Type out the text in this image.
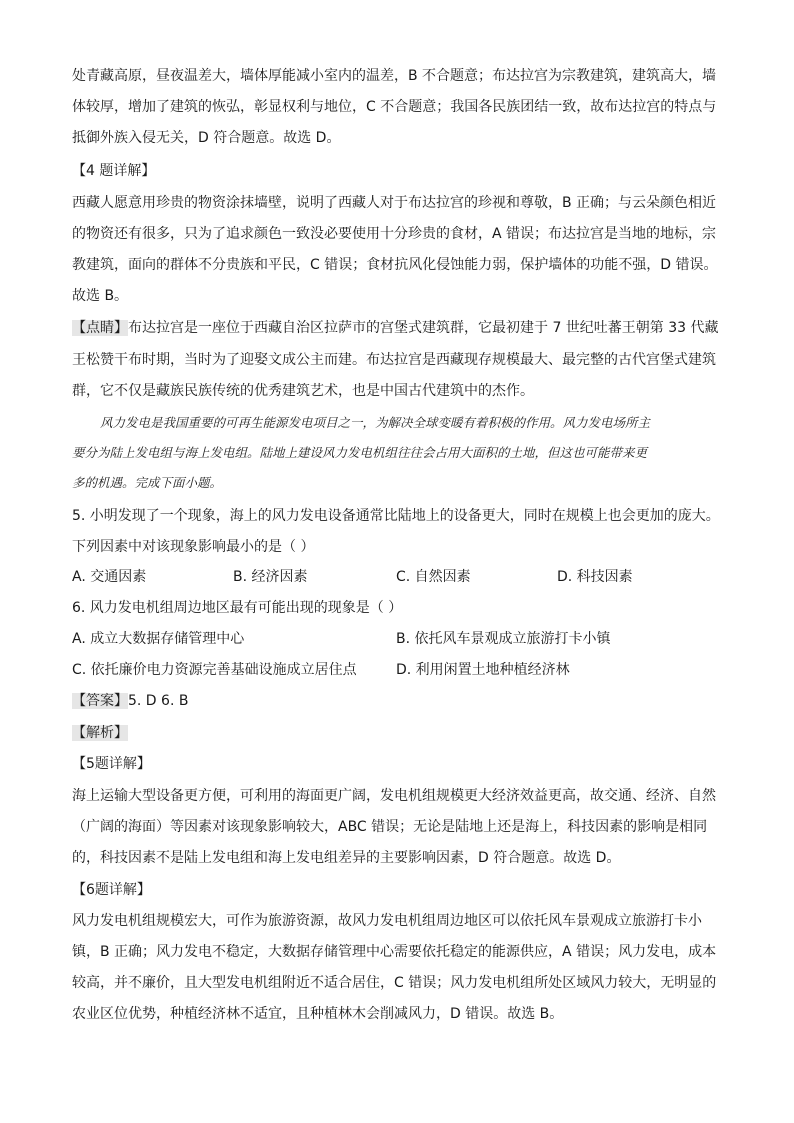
处青藏高原，昼夜温差大，墙体厚能减小室内的温差，B 不合题意；布达拉宫为宗教建筑，建筑高大，墙
体较厚，增加了建筑的恢弘，彰显权利与地位，C 不合题意；我国各民族团结一致，故布达拉宫的特点与
抵御外族入侵无关，D 符合题意。故选 D。
【4 题详解】
西藏人愿意用珍贵的物资涂抹墙壁，说明了西藏人对于布达拉宫的珍视和尊敬，B 正确；与云朵颜色相近
的物资还有很多，只为了追求颜色一致没必要使用十分珍贵的食材，A 错误；布达拉宫是当地的地标，宗
教建筑，面向的群体不分贵族和平民，C 错误；食材抗风化侵蚀能力弱，保护墙体的功能不强，D 错误。
故选 B。
【点睛】布达拉宫是一座位于西藏自治区拉萨市的宫堡式建筑群，它最初建于 7 世纪吐蕃王朝第 33 代藏
王松赞干布时期，当时为了迎娶文成公主而建。布达拉宫是西藏现存规模最大、最完整的古代宫堡式建筑
群，它不仅是藏族民族传统的优秀建筑艺术，也是中国古代建筑中的杰作。
风力发电是我国重要的可再生能源发电项目之一，为解决全球变暖有着积极的作用。风力发电场所主
要分为陆上发电组与海上发电组。陆地上建设风力发电机组往往会占用大面积的土地，但这也可能带来更
多的机遇。完成下面小题。
5. 小明发现了一个现象，海上的风力发电设备通常比陆地上的设备更大，同时在规模上也会更加的庞大。
下列因素中对该现象影响最小的是（ ）
A. 交通因素	B. 经济因素	C. 自然因素	D. 科技因素
6. 风力发电机组周边地区最有可能出现的现象是（ ）
A. 成立大数据存储管理中心	B. 依托风车景观成立旅游打卡小镇
C. 依托廉价电力资源完善基础设施成立居住点	D. 利用闲置土地种植经济林
【答案】5. D 6. B
【解析】
【5题详解】
海上运输大型设备更方便，可利用的海面更广阔，发电机组规模更大经济效益更高，故交通、经济、自然
（广阔的海面）等因素对该现象影响较大，ABC 错误；无论是陆地上还是海上，科技因素的影响是相同
的，科技因素不是陆上发电组和海上发电组差异的主要影响因素，D 符合题意。故选 D。
【6题详解】
风力发电机组规模宏大，可作为旅游资源，故风力发电机组周边地区可以依托风车景观成立旅游打卡小
镇，B 正确；风力发电不稳定，大数据存储管理中心需要依托稳定的能源供应，A 错误；风力发电，成本
较高，并不廉价，且大型发电机组附近不适合居住，C 错误；风力发电机组所处区域风力较大，无明显的
农业区位优势，种植经济林不适宜，且种植林木会削减风力，D 错误。故选 B。
